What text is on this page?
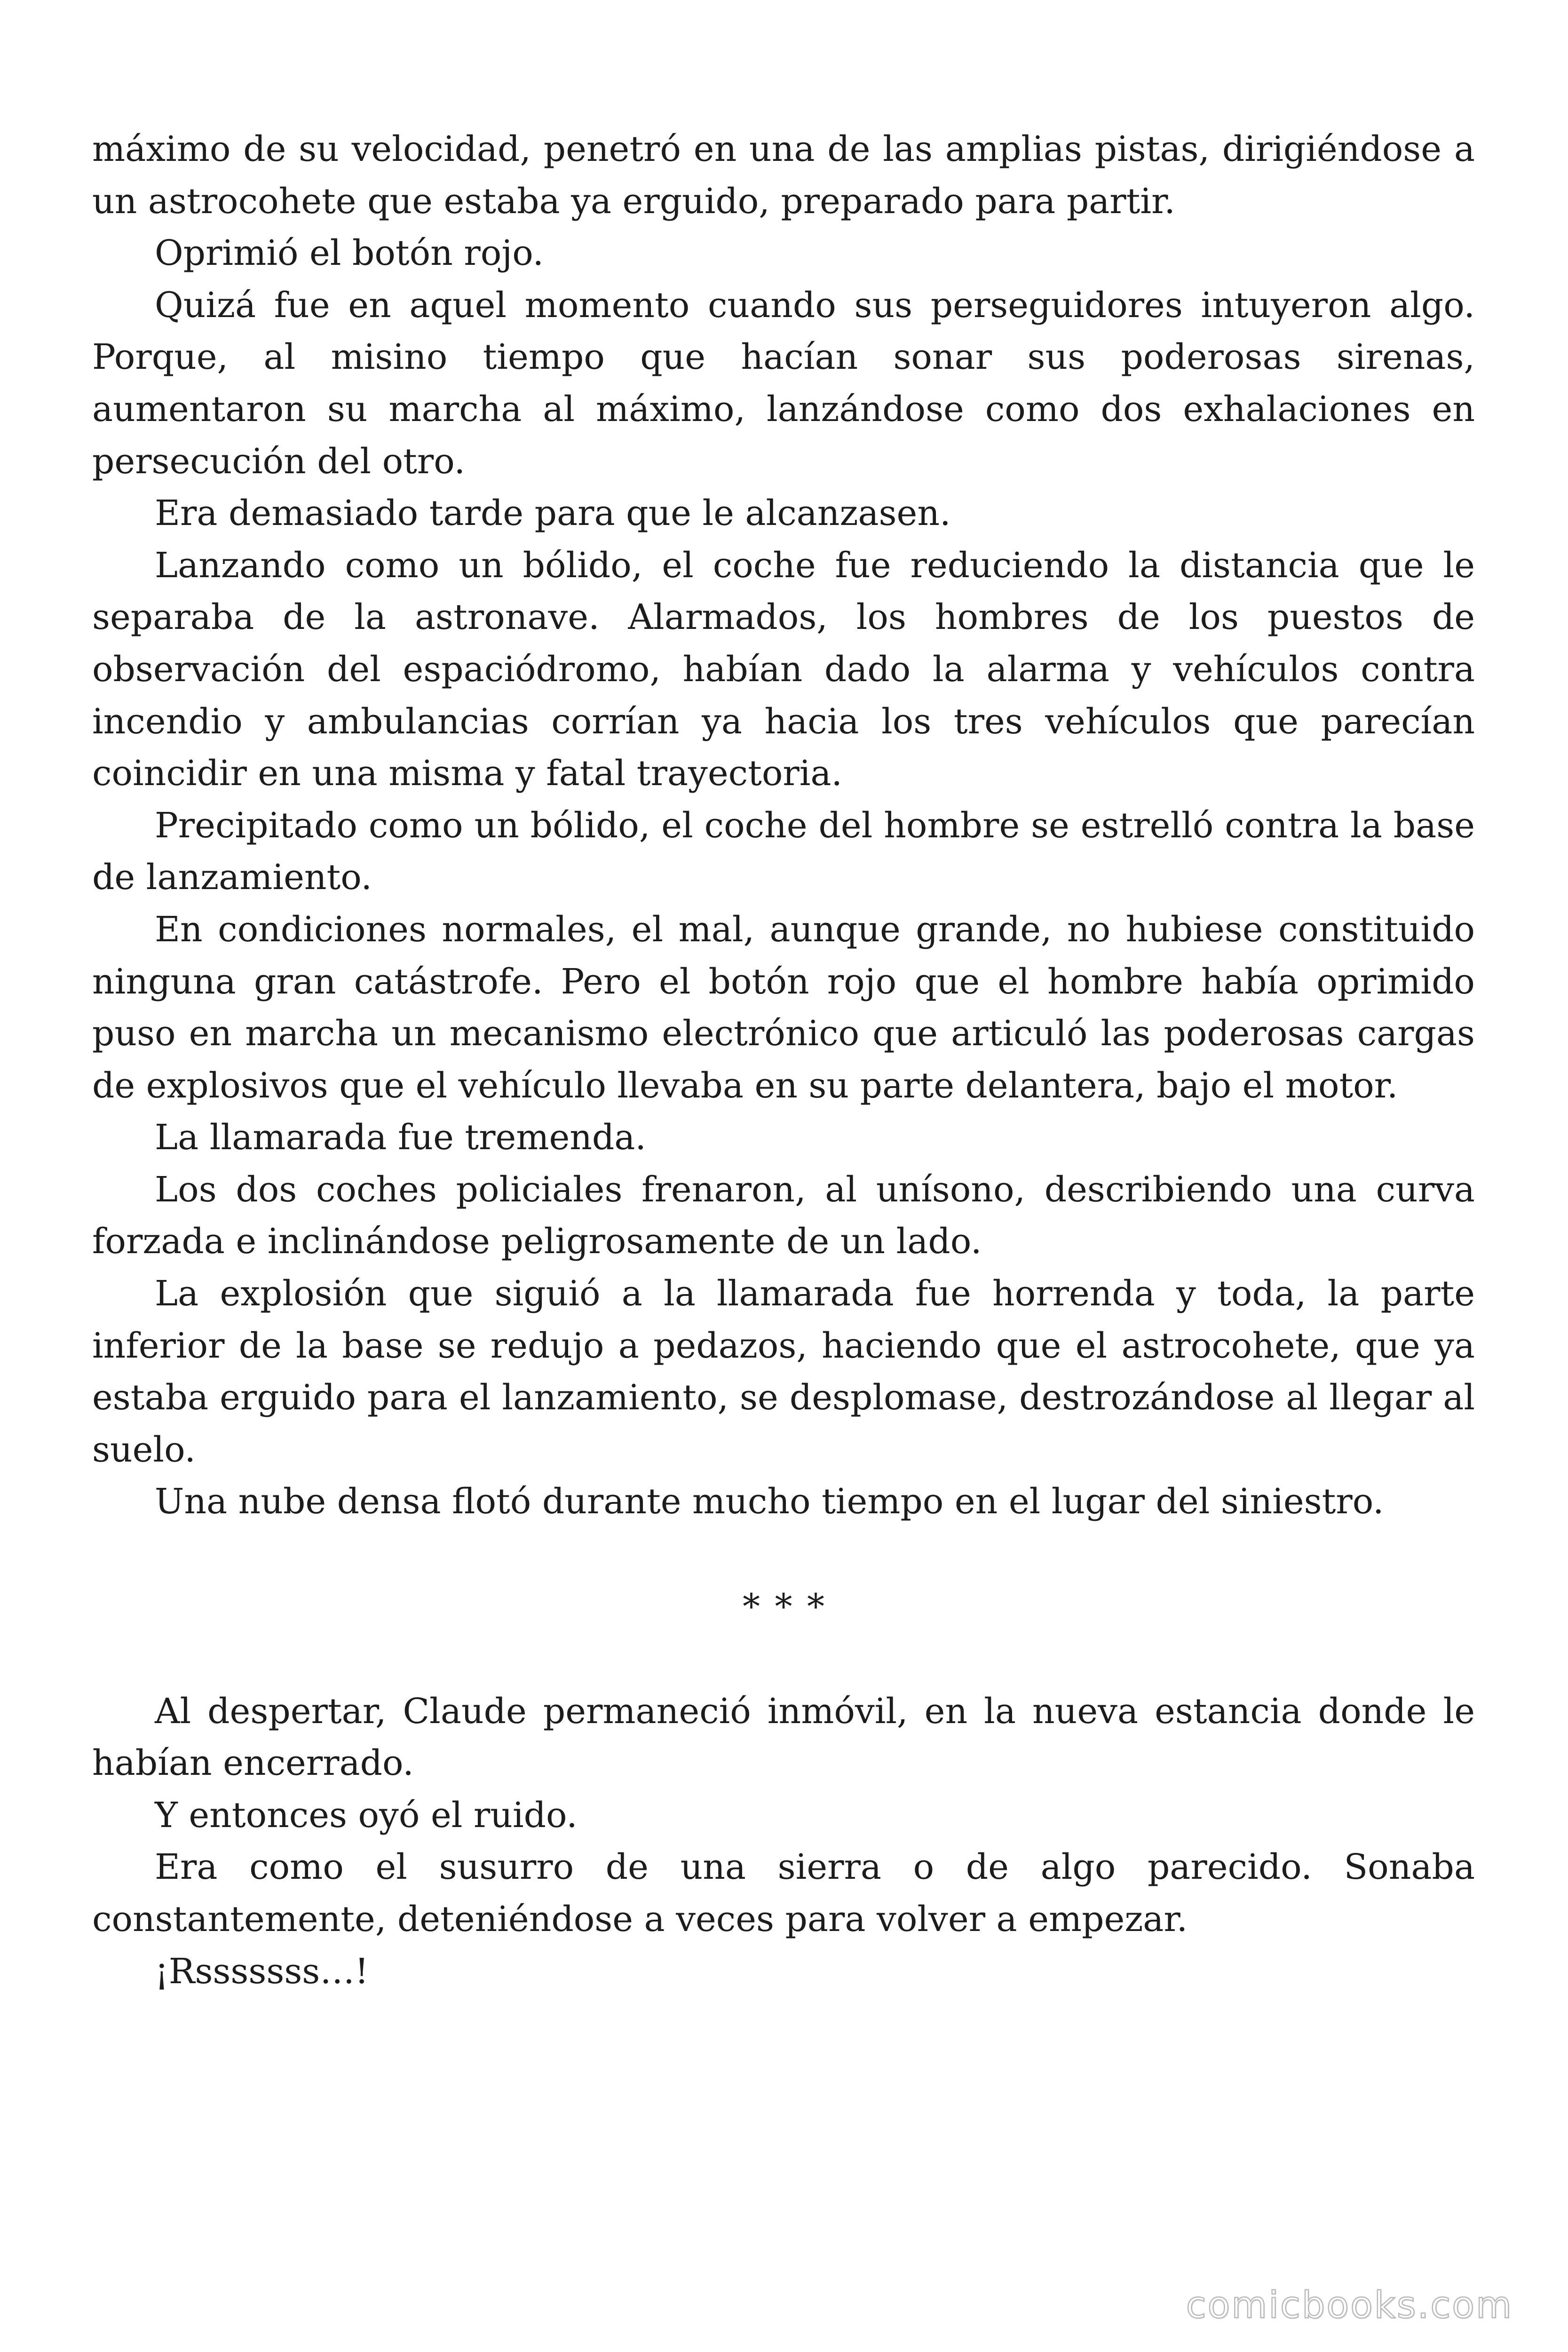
máximo de su velocidad, penetró en una de las amplias pistas, dirigiéndose a un astrocohete que estaba ya erguido, preparado para partir.

Oprimió el botón rojo.

Quizá fue en aquel momento cuando sus perseguidores intuyeron algo. Porque, al misino tiempo que hacían sonar sus poderosas sirenas, aumentaron su marcha al máximo, lanzándose como dos exhalaciones en persecución del otro.

Era demasiado tarde para que le alcanzasen.

Lanzando como un bólido, el coche fue reduciendo la distancia que le separaba de la astronave. Alarmados, los hombres de los puestos de observación del espaciódromo, habían dado la alarma y vehículos contra incendio y ambulancias corrían ya hacia los tres vehículos que parecían coincidir en una misma y fatal trayectoria.

Precipitado como un bólido, el coche del hombre se estrelló contra la base de lanzamiento.

En condiciones normales, el mal, aunque grande, no hubiese constituido ninguna gran catástrofe. Pero el botón rojo que el hombre había oprimido puso en marcha un mecanismo electrónico que articuló las poderosas cargas de explosivos que el vehículo llevaba en su parte delantera, bajo el motor.

La llamarada fue tremenda.

Los dos coches policiales frenaron, al unísono, describiendo una curva forzada e inclinándose peligrosamente de un lado.

La explosión que siguió a la llamarada fue horrenda y toda, la parte inferior de la base se redujo a pedazos, haciendo que el astrocohete, que ya estaba erguido para el lanzamiento, se desplomase, destrozándose al llegar al suelo.

Una nube densa flotó durante mucho tiempo en el lugar del siniestro.

* * *

Al despertar, Claude permaneció inmóvil, en la nueva estancia donde le habían encerrado.

Y entonces oyó el ruido.

Era como el susurro de una sierra o de algo parecido. Sonaba constantemente, deteniéndose a veces para volver a empezar.

¡Rsssssss…!

comicbooks.com
